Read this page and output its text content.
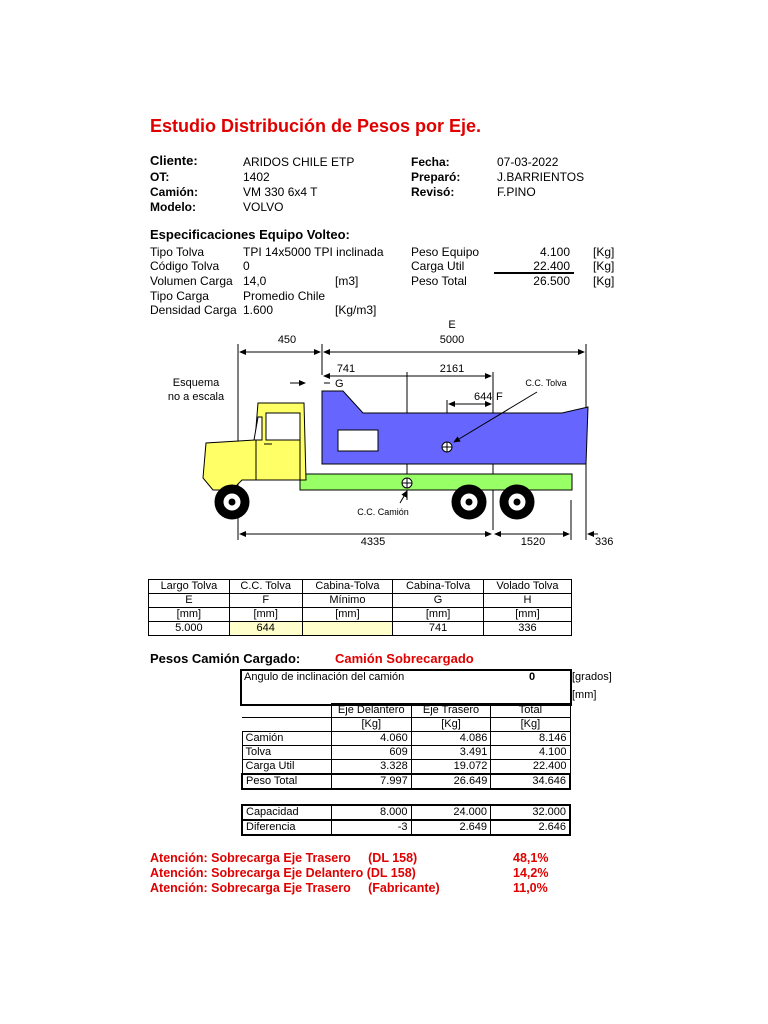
Estudio Distribución de Pesos por Eje.
Cliente:	ARIDOS CHILE ETP
OT:	1402
Camión:	VM 330 6x4 T
Modelo:	VOLVO
Fecha:	07-03-2022
Preparó:	J.BARRIENTOS
Revisó:	F.PINO
Especificaciones Equipo Volteo:
Tipo Tolva	TPI 14x5000 TPI inclinada
Código Tolva 0
Volumen Carga 14,0	[m3]
Tipo Carga	Promedio Chile
Densidad Carga 1.600	[Kg/m3]
Peso Equipo	4.100 [Kg]
Carga Util	22.400 [Kg]
Peso Total	26.500 [Kg]
450
E
5000
741
G
2161
644 F
Esquema
no a escala
C.C. Tolva
C.C. Camión
4335	1520	336
Largo Tolva	C.C. Tolva	Cabina-Tolva	Cabina-Tolva	Volado Tolva
E	F	Mínimo	G	H
[mm]	[mm]	[mm]	[mm]	[mm]
5.000	644		741	336
Pesos Camión Cargado:	Camión Sobrecargado
Angulo de inclinación del camión	0	[grados]
[mm]
	Eje Delantero	Eje Trasero	Total
	[Kg]	[Kg]	[Kg]
Camión	4.060	4.086	8.146
Tolva	609	3.491	4.100
Carga Util	3.328	19.072	22.400
Peso Total	7.997	26.649	34.646
Capacidad	8.000	24.000	32.000
Diferencia	-3	2.649	2.646
Atención: Sobrecarga Eje Trasero     (DL 158)	48,1%
Atención: Sobrecarga Eje Delantero (DL 158)	14,2%
Atención: Sobrecarga Eje Trasero     (Fabricante)	11,0%
